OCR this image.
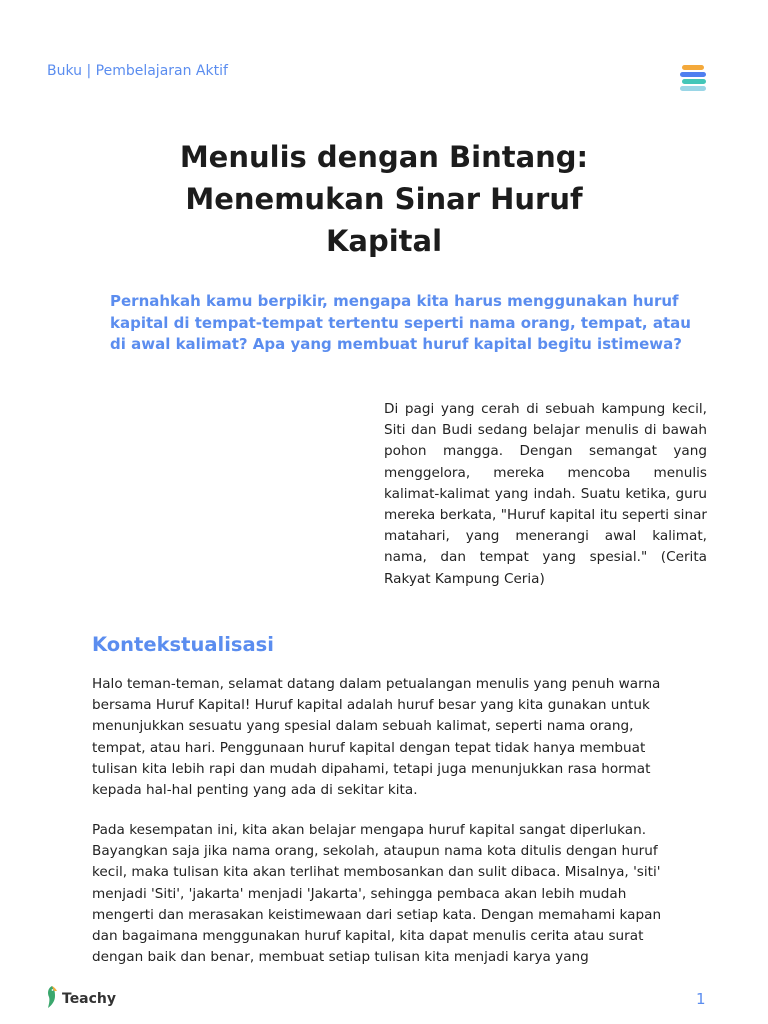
Buku | Pembelajaran Aktif
Menulis dengan Bintang:
Menemukan Sinar Huruf
Kapital
Pernahkah kamu berpikir, mengapa kita harus menggunakan huruf kapital di tempat-tempat tertentu seperti nama orang, tempat, atau di awal kalimat? Apa yang membuat huruf kapital begitu istimewa?
Di pagi yang cerah di sebuah kampung kecil, Siti dan Budi sedang belajar menulis di bawah pohon mangga. Dengan semangat yang menggelora, mereka mencoba menulis kalimat-kalimat yang indah. Suatu ketika, guru mereka berkata, "Huruf kapital itu seperti sinar matahari, yang menerangi awal kalimat, nama, dan tempat yang spesial." (Cerita Rakyat Kampung Ceria)
Kontekstualisasi
Halo teman-teman, selamat datang dalam petualangan menulis yang penuh warna bersama Huruf Kapital! Huruf kapital adalah huruf besar yang kita gunakan untuk menunjukkan sesuatu yang spesial dalam sebuah kalimat, seperti nama orang, tempat, atau hari. Penggunaan huruf kapital dengan tepat tidak hanya membuat tulisan kita lebih rapi dan mudah dipahami, tetapi juga menunjukkan rasa hormat kepada hal-hal penting yang ada di sekitar kita.
Pada kesempatan ini, kita akan belajar mengapa huruf kapital sangat diperlukan. Bayangkan saja jika nama orang, sekolah, ataupun nama kota ditulis dengan huruf kecil, maka tulisan kita akan terlihat membosankan dan sulit dibaca. Misalnya, 'siti' menjadi 'Siti', 'jakarta' menjadi 'Jakarta', sehingga pembaca akan lebih mudah mengerti dan merasakan keistimewaan dari setiap kata. Dengan memahami kapan dan bagaimana menggunakan huruf kapital, kita dapat menulis cerita atau surat dengan baik dan benar, membuat setiap tulisan kita menjadi karya yang
Teachy	1
